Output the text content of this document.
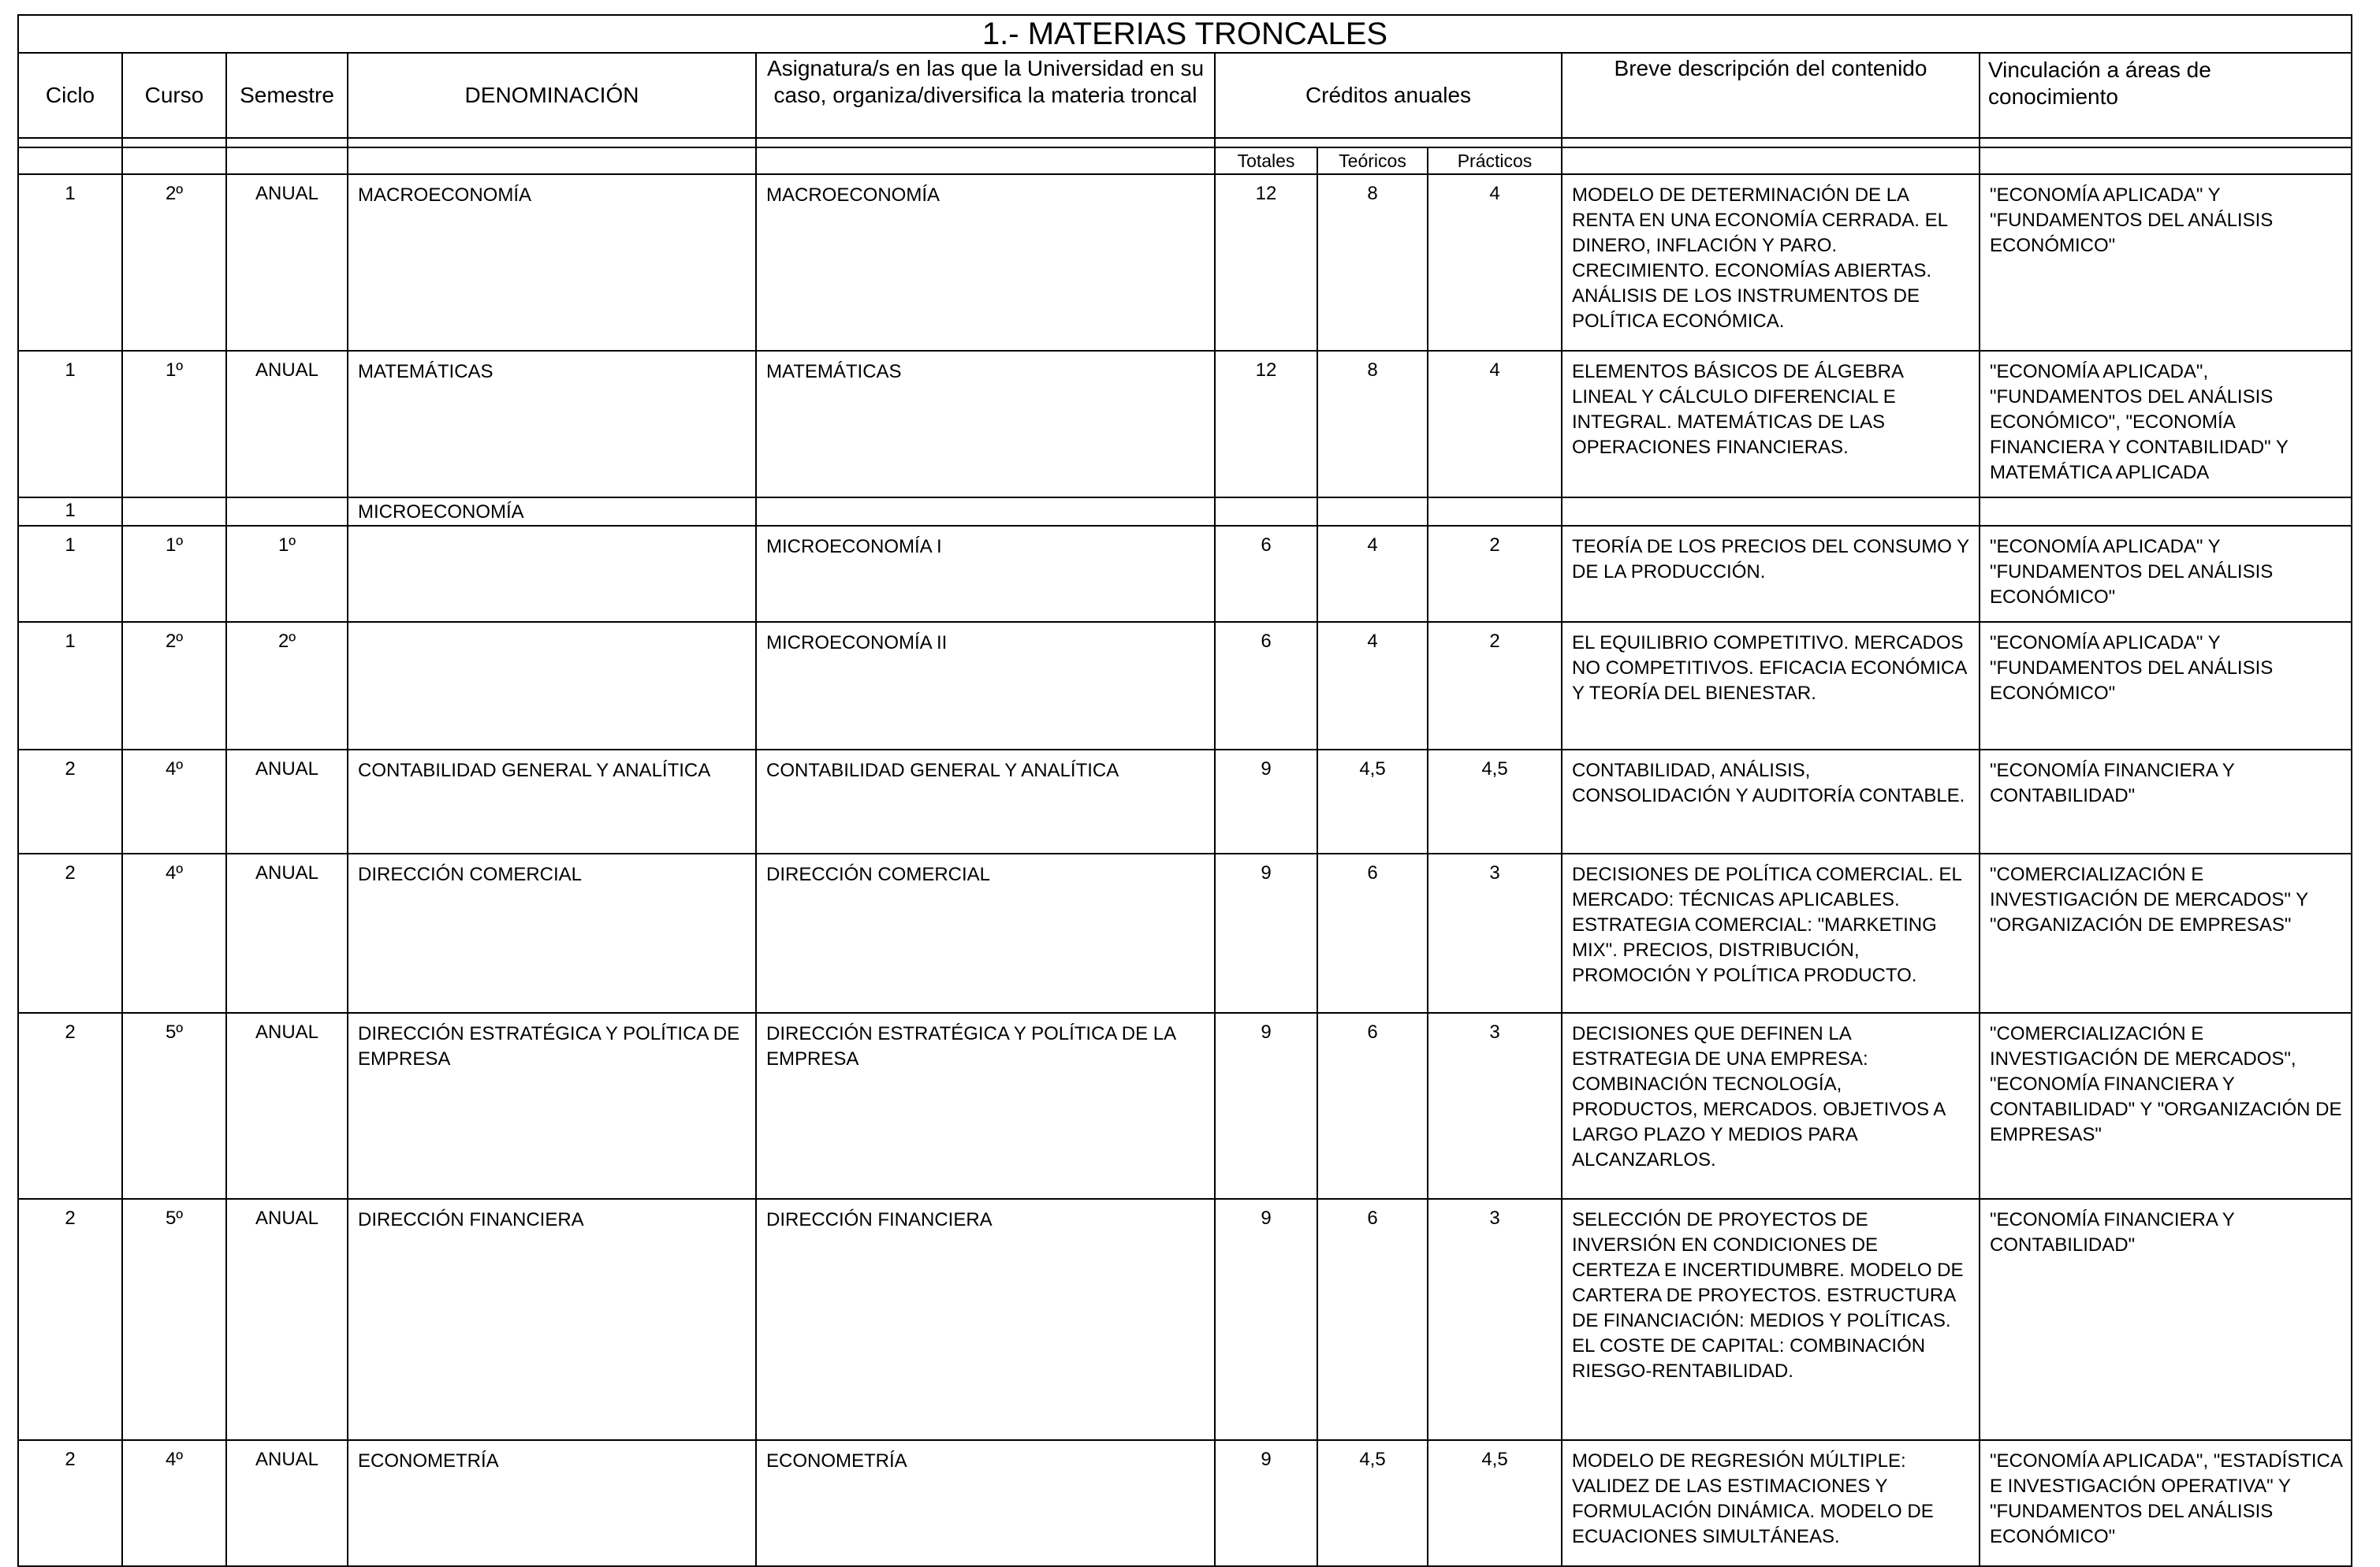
1.- MATERIAS TRONCALES									
Ciclo	Curso	Semestre	DENOMINACIÓN	Asignatura/s en las que la Universidad en su caso, organiza/diversifica la materia troncal	Créditos anuales			Breve descripción del contenido	Vinculación a áreas de conocimiento

					Totales	Teóricos	Prácticos		
1	2º	ANUAL	MACROECONOMÍA	MACROECONOMÍA	12	8	4	MODELO DE DETERMINACIÓN DE LA RENTA EN UNA ECONOMÍA CERRADA. EL DINERO, INFLACIÓN Y PARO. CRECIMIENTO. ECONOMÍAS ABIERTAS. ANÁLISIS DE LOS INSTRUMENTOS DE POLÍTICA ECONÓMICA.	"ECONOMÍA APLICADA" Y "FUNDAMENTOS DEL ANÁLISIS ECONÓMICO"
1	1º	ANUAL	MATEMÁTICAS	MATEMÁTICAS	12	8	4	ELEMENTOS BÁSICOS DE ÁLGEBRA LINEAL Y CÁLCULO DIFERENCIAL E INTEGRAL. MATEMÁTICAS DE LAS OPERACIONES FINANCIERAS.	"ECONOMÍA APLICADA", "FUNDAMENTOS DEL ANÁLISIS ECONÓMICO", "ECONOMÍA FINANCIERA Y CONTABILIDAD" Y MATEMÁTICA APLICADA
1			MICROECONOMÍA						
1	1º	1º		MICROECONOMÍA I	6	4	2	TEORÍA DE LOS PRECIOS DEL CONSUMO Y DE LA PRODUCCIÓN.	"ECONOMÍA APLICADA" Y "FUNDAMENTOS DEL ANÁLISIS ECONÓMICO"
1	2º	2º		MICROECONOMÍA II	6	4	2	EL EQUILIBRIO COMPETITIVO. MERCADOS NO COMPETITIVOS. EFICACIA ECONÓMICA Y TEORÍA DEL BIENESTAR.	"ECONOMÍA APLICADA" Y "FUNDAMENTOS DEL ANÁLISIS ECONÓMICO"
2	4º	ANUAL	CONTABILIDAD GENERAL Y ANALÍTICA	CONTABILIDAD GENERAL Y ANALÍTICA	9	4,5	4,5	CONTABILIDAD, ANÁLISIS, CONSOLIDACIÓN Y AUDITORÍA CONTABLE.	"ECONOMÍA FINANCIERA Y CONTABILIDAD"
2	4º	ANUAL	DIRECCIÓN COMERCIAL	DIRECCIÓN COMERCIAL	9	6	3	DECISIONES DE POLÍTICA COMERCIAL. EL MERCADO: TÉCNICAS APLICABLES. ESTRATEGIA COMERCIAL: "MARKETING MIX". PRECIOS, DISTRIBUCIÓN, PROMOCIÓN Y POLÍTICA PRODUCTO.	"COMERCIALIZACIÓN E INVESTIGACIÓN DE MERCADOS" Y "ORGANIZACIÓN DE EMPRESAS"
2	5º	ANUAL	DIRECCIÓN ESTRATÉGICA Y POLÍTICA DE EMPRESA	DIRECCIÓN ESTRATÉGICA Y POLÍTICA DE LA EMPRESA	9	6	3	DECISIONES QUE DEFINEN LA ESTRATEGIA DE UNA EMPRESA: COMBINACIÓN TECNOLOGÍA, PRODUCTOS, MERCADOS. OBJETIVOS A LARGO PLAZO Y MEDIOS PARA ALCANZARLOS.	"COMERCIALIZACIÓN E INVESTIGACIÓN DE MERCADOS", "ECONOMÍA FINANCIERA Y CONTABILIDAD" Y "ORGANIZACIÓN DE EMPRESAS"
2	5º	ANUAL	DIRECCIÓN FINANCIERA	DIRECCIÓN FINANCIERA	9	6	3	SELECCIÓN DE PROYECTOS DE INVERSIÓN EN CONDICIONES DE CERTEZA E INCERTIDUMBRE. MODELO DE CARTERA DE PROYECTOS. ESTRUCTURA DE FINANCIACIÓN: MEDIOS Y POLÍTICAS. EL COSTE DE CAPITAL: COMBINACIÓN RIESGO-RENTABILIDAD.	"ECONOMÍA FINANCIERA Y CONTABILIDAD"
2	4º	ANUAL	ECONOMETRÍA	ECONOMETRÍA	9	4,5	4,5	MODELO DE REGRESIÓN MÚLTIPLE: VALIDEZ DE LAS ESTIMACIONES Y FORMULACIÓN DINÁMICA. MODELO DE ECUACIONES SIMULTÁNEAS.	"ECONOMÍA APLICADA", "ESTADÍSTICA E INVESTIGACIÓN OPERATIVA" Y "FUNDAMENTOS DEL ANÁLISIS ECONÓMICO"
